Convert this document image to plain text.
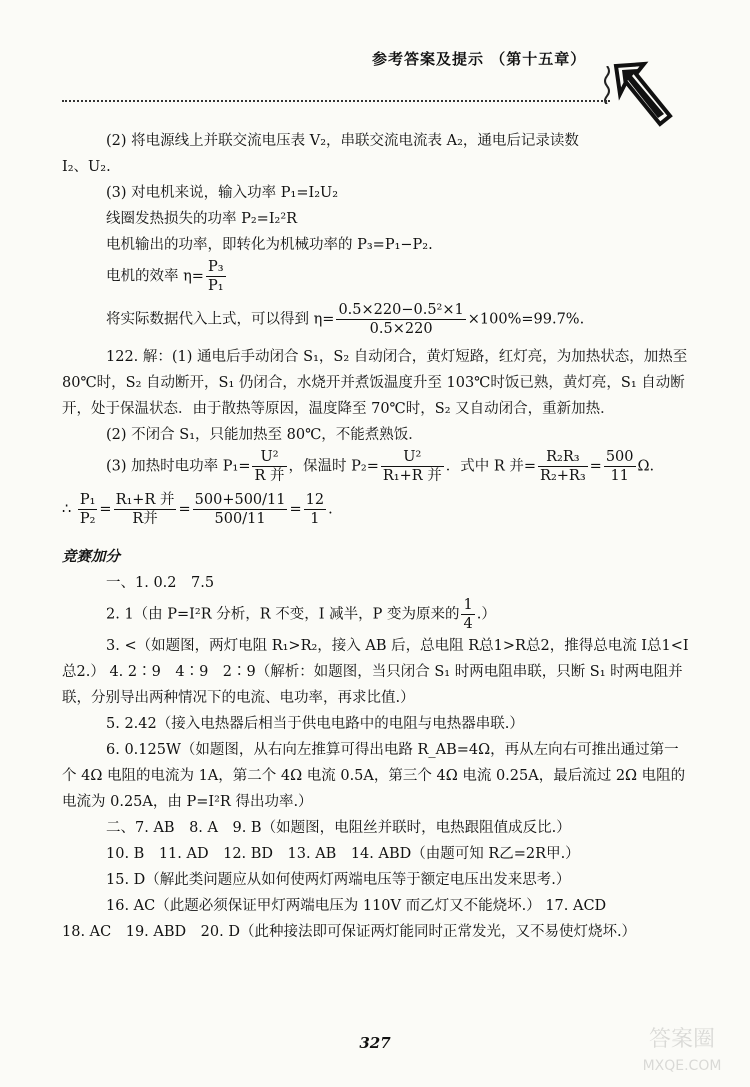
参考答案及提示 （第十五章）

(2) 将电源线上并联交流电压表 V₂，串联交流电流表 A₂，通电后记录读数

I₂、U₂.

(3) 对电机来说，输入功率 P₁=I₂U₂

线圈发热损失的功率 P₂=I₂²R

电机输出的功率，即转化为机械功率的 P₃=P₁−P₂.

电机的效率 $\eta= \frac{\text{P₃}}{\text{P₁}}$

将实际数据代入上式，可以得到 $\eta= \frac{\text{0.5×220−0.5²×1}}{0.5\times 220} \times 100\%=99.7\%$.

122. 解：(1) 通电后手动闭合 S₁，S₂ 自动闭合，黄灯短路，红灯亮，为加热状态，加热至 80℃时，S₂ 自动断开，S₁ 仍闭合，水烧开并煮饭温度升至 103℃时饭已熟，黄灯亮，S₁ 自动断开，处于保温状态．由于散热等原因，温度降至 70℃时，S₂ 又自动闭合，重新加热．

(2) 不闭合 S₁，只能加热至 80℃，不能煮熟饭．

(3) 加热时电功率 $P_1= \frac{\text{U²}}{\text{R 并}}$ ，保温时 $P_2= \frac{\text{U²}}{\text{R₁+R 并}}$ ．式中 R 并= $\frac{\text{R₂R₃}}{\text{R₂+R₃}} = \frac{500}{11} \Omega$.

∴ $\frac{\text{P₁}}{\text{P₂}} = \frac{\text{R₁+R 并}}{\text{R并}} = \frac{500+500/11}{500/11} = \frac{12}{1}$ .

竞赛加分

一、1. 0.2　7.5

2. 1（由 P=I²R 分析，R 不变，I 减半，P 变为原来的 $\frac{1}{4}$ .）

3. <（如题图，两灯电阻 R₁>R₂，接入 AB 后，总电阻 R总1>R总2，推得总电流 I总1<I总2.） 4. 2∶9　4∶9　2∶9（解析：如题图，当只闭合 S₁ 时两电阻串联，只断 S₁ 时两电阻并联，分别导出两种情况下的电流、电功率，再求比值.）

5. 2.42（接入电热器后相当于供电电路中的电阻与电热器串联.）

6. 0.125W（如题图，从右向左推算可得出电路 R_AB=4Ω，再从左向右可推出通过第一个 4Ω 电阻的电流为 1A，第二个 4Ω 电流 0.5A，第三个 4Ω 电流 0.25A，最后流过 2Ω 电阻的电流为 0.25A，由 P=I²R 得出功率.）

二、7. AB　8. A　9. B（如题图，电阻丝并联时，电热跟阻值成反比.）

10. B　11. AD　12. BD　13. AB　14. ABD（由题可知 R乙=2R甲.）

15. D（解此类问题应从如何使两灯两端电压等于额定电压出发来思考.）

16. AC（此题必须保证甲灯两端电压为 110V 而乙灯又不能烧坏.） 17. ACD

18. AC　19. ABD　20. D（此种接法即可保证两灯能同时正常发光，又不易使灯烧坏.）

327	答案圈
MXQE.COM
